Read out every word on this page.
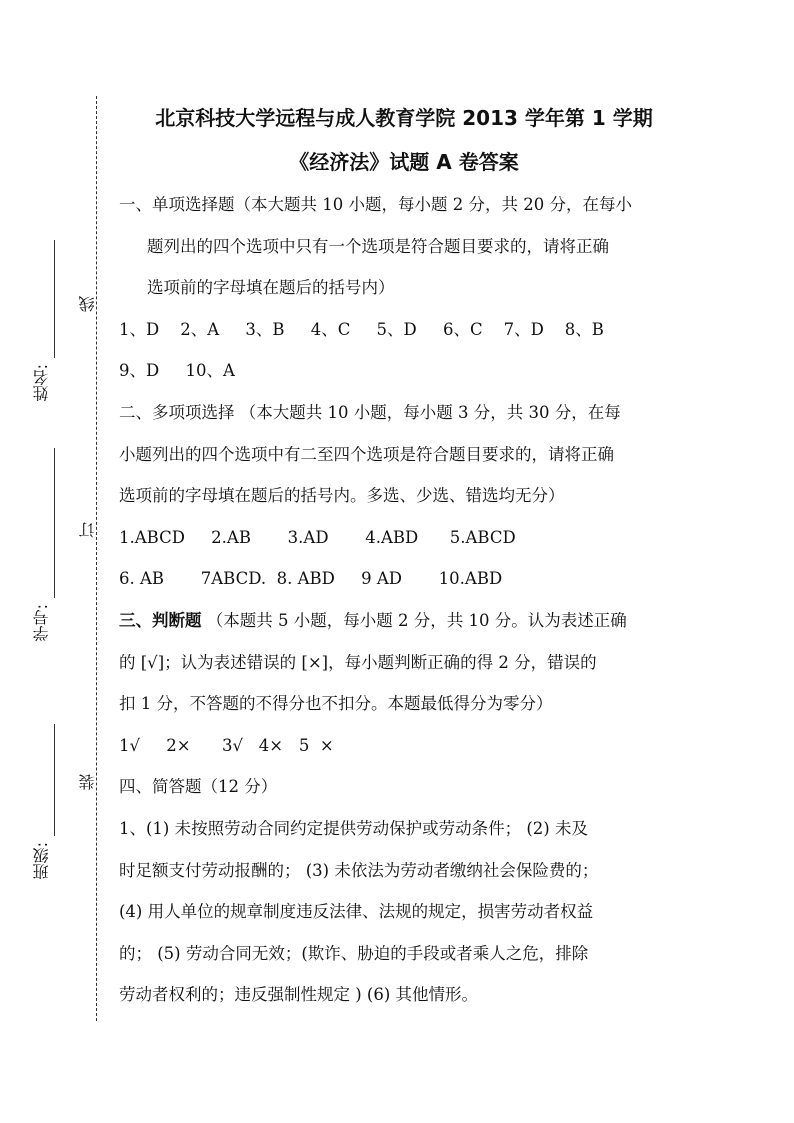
姓名:
学号:
班级:
线
订
装

北京科技大学远程与成人教育学院 2013 学年第 1 学期

《经济法》试题 A 卷答案

一、单项选择题（本大题共 10 小题，每小题 2 分，共 20 分，在每小

题列出的四个选项中只有一个选项是符合题目要求的，请将正确

选项前的字母填在题后的括号内）

1、D    2、A     3、B     4、C     5、D     6、C    7、D    8、B

9、D     10、A

二、多项项选择 （本大题共 10 小题，每小题 3 分，共 30 分，在每

小题列出的四个选项中有二至四个选项是符合题目要求的，请将正确

选项前的字母填在题后的括号内。多选、少选、错选均无分）

1.ABCD     2.AB       3.AD       4.ABD      5.ABCD

6. AB       7ABCD.  8. ABD     9 AD       10.ABD

三、判断题 （本题共 5 小题，每小题 2 分，共 10 分。认为表述正确

的 [√]；认为表述错误的 [×]，每小题判断正确的得 2 分，错误的

扣 1 分，不答题的不得分也不扣分。本题最低得分为零分）

1√     2×      3√   4×   5  ×

四、简答题（12 分）

1、(1) 未按照劳动合同约定提供劳动保护或劳动条件； (2) 未及

时足额支付劳动报酬的； (3) 未依法为劳动者缴纳社会保险费的；

(4) 用人单位的规章制度违反法律、法规的规定，损害劳动者权益

的； (5) 劳动合同无效；(欺诈、胁迫的手段或者乘人之危，排除

劳动者权利的；违反强制性规定 ) (6) 其他情形。
